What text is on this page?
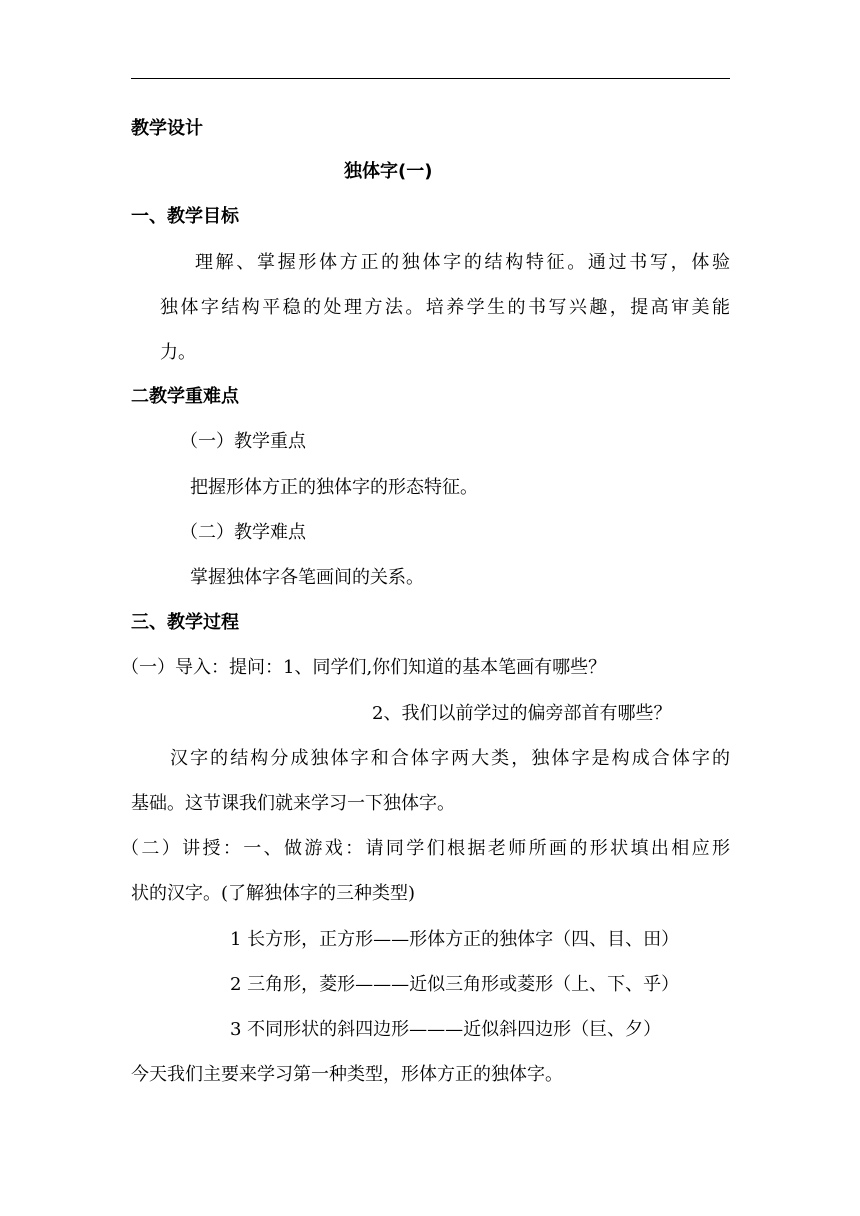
教学设计
独体字(一)
一、教学目标
理解、掌握形体方正的独体字的结构特征。通过书写，体验
独体字结构平稳的处理方法。培养学生的书写兴趣，提高审美能
力。
二教学重难点
（一）教学重点
把握形体方正的独体字的形态特征。
（二）教学难点
掌握独体字各笔画间的关系。
三、教学过程
（一）导入：提问：1、同学们,你们知道的基本笔画有哪些？
2、我们以前学过的偏旁部首有哪些？
汉字的结构分成独体字和合体字两大类，独体字是构成合体字的
基础。这节课我们就来学习一下独体字。
（二）讲授：一、做游戏：请同学们根据老师所画的形状填出相应形
状的汉字。(了解独体字的三种类型)
1 长方形，正方形——形体方正的独体字（四、目、田）
2 三角形，菱形———近似三角形或菱形（上、下、乎）
3 不同形状的斜四边形———近似斜四边形（巨、夕）
今天我们主要来学习第一种类型，形体方正的独体字。
